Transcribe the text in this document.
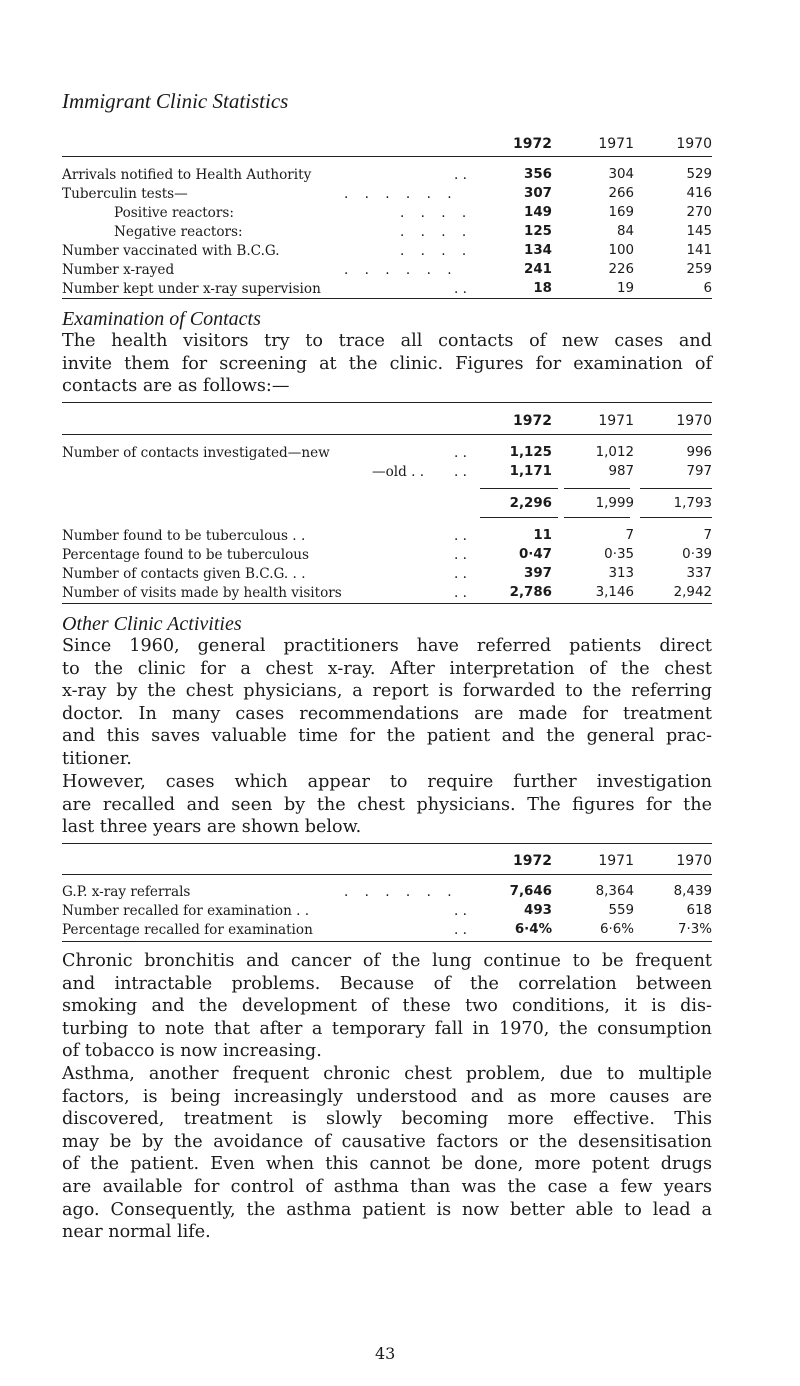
Immigrant Clinic Statistics
1972	1971	1970
Arrivals notified to Health Authority	. .	356	304	529
Tuberculin tests—	. . . . . .	307	266	416
Positive reactors:	. . . .	149	169	270
Negative reactors:	. . . .	125	84	145
Number vaccinated with B.C.G.	. . . .	134	100	141
Number x-rayed	. . . . . .	241	226	259
Number kept under x-ray supervision	. .	18	19	6
Examination of Contacts
The health visitors try to trace all contacts of new cases and
invite them for screening at the clinic. Figures for examination of
contacts are as follows:—
1972	1971	1970
Number of contacts investigated—new	. .	1,125	1,012	996
—old . . . .	1,171	987	797
2,296	1,999	1,793
Number found to be tuberculous . .	. .	11	7	7
Percentage found to be tuberculous	. .	0·47	0·35	0·39
Number of contacts given B.C.G. . .	. .	397	313	337
Number of visits made by health visitors	. .	2,786	3,146	2,942
Other Clinic Activities
Since 1960, general practitioners have referred patients direct
to the clinic for a chest x-ray. After interpretation of the chest
x-ray by the chest physicians, a report is forwarded to the referring
doctor. In many cases recommendations are made for treatment
and this saves valuable time for the patient and the general prac-
titioner.
However, cases which appear to require further investigation
are recalled and seen by the chest physicians. The figures for the
last three years are shown below.
1972	1971	1970
G.P. x-ray referrals	. . . . . .	7,646	8,364	8,439
Number recalled for examination . .	. .	493	559	618
Percentage recalled for examination	. .	6·4%	6·6%	7·3%
Chronic bronchitis and cancer of the lung continue to be frequent
and intractable problems. Because of the correlation between
smoking and the development of these two conditions, it is dis-
turbing to note that after a temporary fall in 1970, the consumption
of tobacco is now increasing.
Asthma, another frequent chronic chest problem, due to multiple
factors, is being increasingly understood and as more causes are
discovered, treatment is slowly becoming more effective. This
may be by the avoidance of causative factors or the desensitisation
of the patient. Even when this cannot be done, more potent drugs
are available for control of asthma than was the case a few years
ago. Consequently, the asthma patient is now better able to lead a
near normal life.
43
